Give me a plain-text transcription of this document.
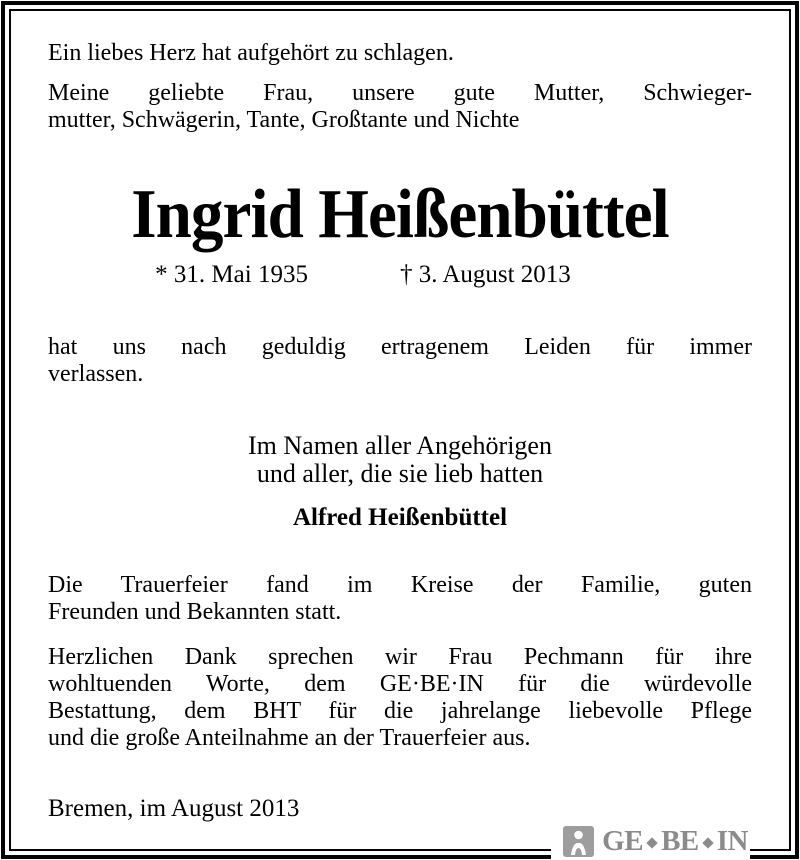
Ein liebes Herz hat aufgehört zu schlagen.

Meine geliebte Frau, unsere gute Mutter, Schwieger-
mutter, Schwägerin, Tante, Großtante und Nichte
Ingrid Heißenbüttel
* 31. Mai 1935	† 3. August 2013
hat uns nach geduldig ertragenem Leiden für immer
verlassen.
Im Namen aller Angehörigen
und aller, die sie lieb hatten
Alfred Heißenbüttel
Die Trauerfeier fand im Kreise der Familie, guten
Freunden und Bekannten statt.
Herzlichen Dank sprechen wir Frau Pechmann für ihre
wohltuenden Worte, dem GE·BE·IN für die würdevolle
Bestattung, dem BHT für die jahrelange liebevolle Pflege
und die große Anteilnahme an der Trauerfeier aus.

Bremen, im August 2013

GE BE IN
